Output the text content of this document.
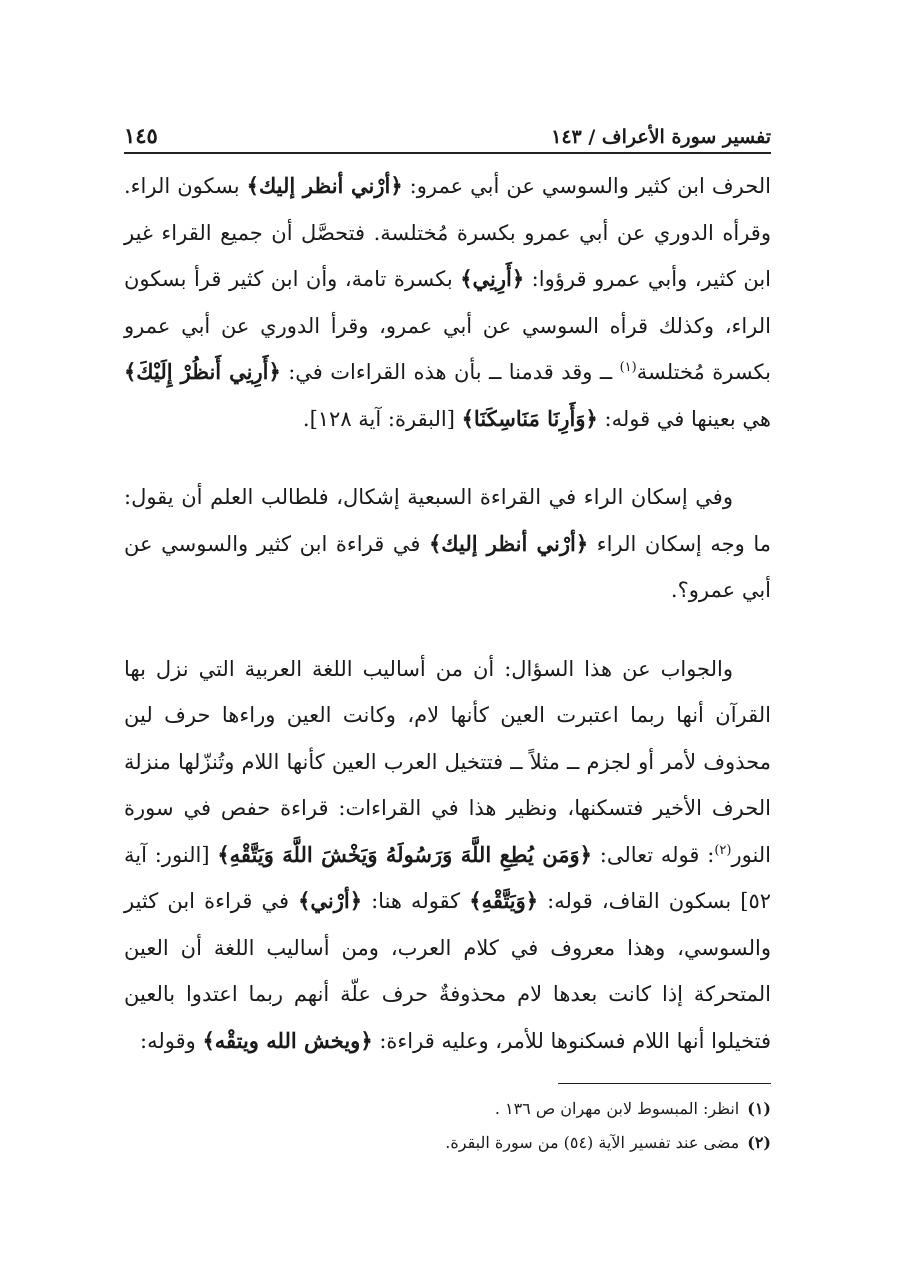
تفسير سورة الأعراف / ١٤٣
١٤٥

الحرف ابن كثير والسوسي عن أبي عمرو: ﴿أرْني أنظر إليك﴾ بسكون الراء. وقرأه الدوري عن أبي عمرو بكسرة مُختلسة. فتحصَّل أن جميع القراء غير ابن كثير، وأبي عمرو قرؤوا: ﴿أَرِنِي﴾ بكسرة تامة، وأن ابن كثير قرأ بسكون الراء، وكذلك قرأه السوسي عن أبي عمرو، وقرأ الدوري عن أبي عمرو بكسرة مُختلسة$^{(١)}$ ــ وقد قدمنا ــ بأن هذه القراءات في: ﴿أَرِنِي أَنظُرْ إِلَيْكَ﴾ هي بعينها في قوله: ﴿وَأَرِنَا مَنَاسِكَنَا﴾ [البقرة: آية ١٢٨].

وفي إسكان الراء في القراءة السبعية إشكال، فلطالب العلم أن يقول: ما وجه إسكان الراء ﴿أرْني أنظر إليك﴾ في قراءة ابن كثير والسوسي عن أبي عمرو؟.

والجواب عن هذا السؤال: أن من أساليب اللغة العربية التي نزل بها القرآن أنها ربما اعتبرت العين كأنها لام، وكانت العين وراءها حرف لين محذوف لأمر أو لجزم ــ مثلاً ــ فتتخيل العرب العين كأنها اللام وتُنزّلها منزلة الحرف الأخير فتسكنها، ونظير هذا في القراءات: قراءة حفص في سورة النور$^{(٢)}$: قوله تعالى: ﴿وَمَن يُطِعِ اللَّهَ وَرَسُولَهُ وَيَخْشَ اللَّهَ وَيَتَّقْهِ﴾ [النور: آية ٥٢] بسكون القاف، قوله: ﴿وَيَتَّقْهِ﴾ كقوله هنا: ﴿أرْني﴾ في قراءة ابن كثير والسوسي، وهذا معروف في كلام العرب، ومن أساليب اللغة أن العين المتحركة إذا كانت بعدها لام محذوفةٌ حرف علّة أنهم ربما اعتدوا بالعين فتخيلوا أنها اللام فسكنوها للأمر، وعليه قراءة: ﴿ويخش الله ويتقْه﴾ وقوله:

(١)انظر: المبسوط لابن مهران ص ١٣٦ .

(٢)مضى عند تفسير الآية (٥٤) من سورة البقرة.
